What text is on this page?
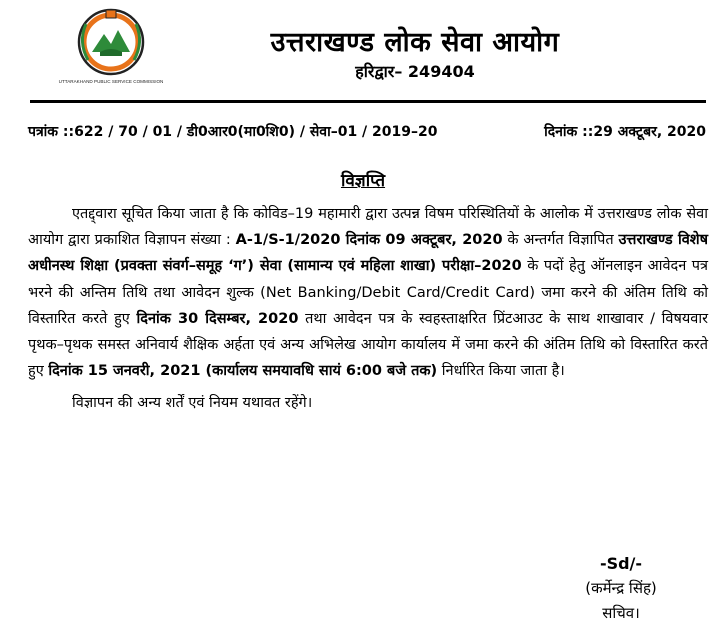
UTTARAKHAND PUBLIC SERVICE COMMISSION
उत्तराखण्ड लोक सेवा आयोग
हरिद्वार– 249404
पत्रांक ::622 / 70 / 01 / डी0आर0(मा0शि0) / सेवा–01 / 2019–20	दिनांक ::29 अक्टूबर, 2020
विज्ञप्ति

एतद्द्वारा सूचित किया जाता है कि कोविड–19 महामारी द्वारा उत्पन्न विषम परिस्थितियों के आलोक में उत्तराखण्ड लोक सेवा आयोग द्वारा प्रकाशित विज्ञापन संख्या : A-1/S-1/2020 दिनांक 09 अक्टूबर, 2020 के अन्तर्गत विज्ञापित उत्तराखण्ड विशेष अधीनस्थ शिक्षा (प्रवक्ता संवर्ग–समूह ‘ग’) सेवा (सामान्य एवं महिला शाखा) परीक्षा–2020 के पदों हेतु ऑनलाइन आवेदन पत्र भरने की अन्तिम तिथि तथा आवेदन शुल्क (Net Banking/Debit Card/Credit Card) जमा करने की अंतिम तिथि को विस्तारित करते हुए दिनांक 30 दिसम्बर, 2020 तथा आवेदन पत्र के स्वहस्ताक्षरित प्रिंटआउट के साथ शाखावार / विषयवार पृथक–पृथक समस्त अनिवार्य शैक्षिक अर्हता एवं अन्य अभिलेख आयोग कार्यालय में जमा करने की अंतिम तिथि को विस्तारित करते हुए दिनांक 15 जनवरी, 2021 (कार्यालय समयावधि सायं 6:00 बजे तक) निर्धारित किया जाता है।

विज्ञापन की अन्य शर्तें एवं नियम यथावत रहेंगे।

-Sd/-
(कर्मेन्द्र सिंह)
सचिव।
